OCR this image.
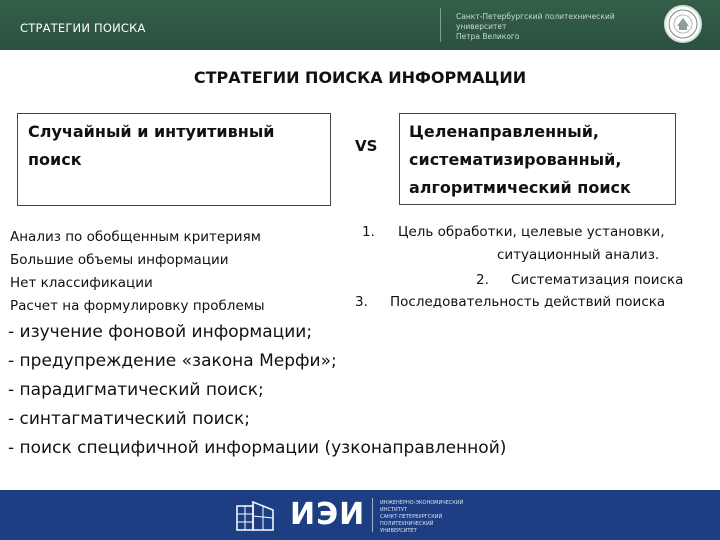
СТРАТЕГИИ ПОИСКА
Санкт-Петербургский политехнический университет
Петра Великого
СТРАТЕГИИ ПОИСКА ИНФОРМАЦИИ
Случайный и интуитивный
поиск
VS
Целенаправленный,
систематизированный,
алгоритмический поиск
Анализ по обобщенным критериям
Большие объемы информации
Нет классификации
Расчет на формулировку проблемы
1. Цель обработки, целевые установки,
ситуационный анализ.
2. Систематизация поиска
3. Последовательность действий поиска
- изучение фоновой информации;
- предупреждение «закона Мерфи»;
- парадигматический поиск;
- синтагматический поиск;
- поиск специфичной информации (узконаправленной)
ИЭИ	ИНЖЕНЕРНО-ЭКОНОМИЧЕСКИЙ
ИНСТИТУТ
САНКТ-ПЕТЕРБУРГСКИЙ ПОЛИТЕХНИЧЕСКИЙ
УНИВЕРСИТЕТ
